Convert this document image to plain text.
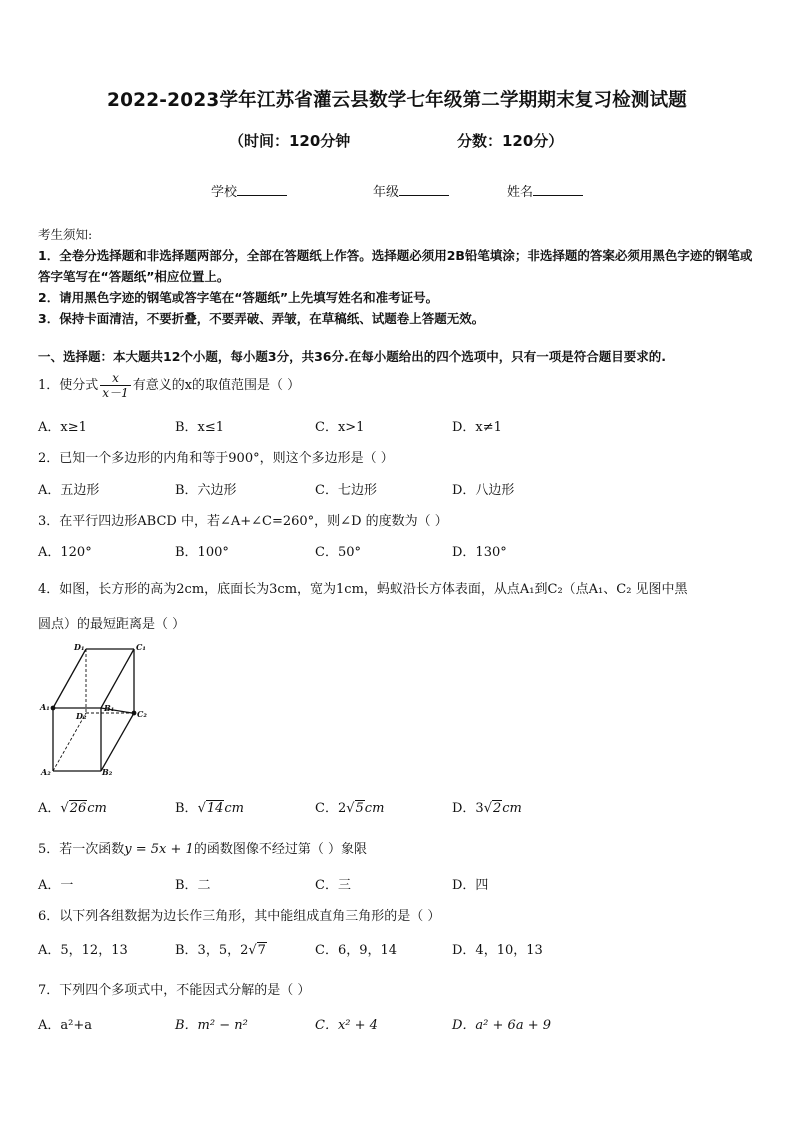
2022-2023学年江苏省灌云县数学七年级第二学期期末复习检测试题
（时间：120分钟	分数：120分）
学校	年级	姓名
考生须知:
1．全卷分选择题和非选择题两部分，全部在答题纸上作答。选择题必须用2B铅笔填涂；非选择题的答案必须用黑色字迹的钢笔或答字笔写在“答题纸”相应位置上。
2．请用黑色字迹的钢笔或答字笔在“答题纸”上先填写姓名和准考证号。
3．保持卡面清洁，不要折叠，不要弄破、弄皱，在草稿纸、试题卷上答题无效。
一、选择题：本大题共12个小题，每小题3分，共36分.在每小题给出的四个选项中，只有一项是符合题目要求的.
1．使分式 $\frac{x}{x-1}$ 有意义的x的取值范围是（ ）
A．x≥1	B．x≤1	C．x>1	D．x≠1
2．已知一个多边形的内角和等于900°，则这个多边形是（ ）
A．五边形	B．六边形	C．七边形	D．八边形
3．在平行四边形ABCD 中，若∠A+∠C=260°，则∠D 的度数为（ ）
A．120°	B．100°	C．50°	D．130°
4．如图，长方形的高为2cm，底面长为3cm，宽为1cm，蚂蚁沿长方体表面，从点A₁到C₂（点A₁、C₂ 见图中黑
圆点）的最短距离是（ ）
D₁	C₁
A₁
D₂
B₁
C₂
A₂	B₂
A．√26cm	B．√14cm	C．2√5cm	D．3√2cm
5．若一次函数y = 5x + 1的函数图像不经过第（ ）象限
A．一	B．二	C．三	D．四
6．以下列各组数据为边长作三角形，其中能组成直角三角形的是（ ）
A．5，12，13	B．3，5，2√7	C．6，9，14	D．4，10，13
7．下列四个多项式中，不能因式分解的是（ ）
A．a²+a	B．m² − n²	C．x² + 4	D．a² + 6a + 9
